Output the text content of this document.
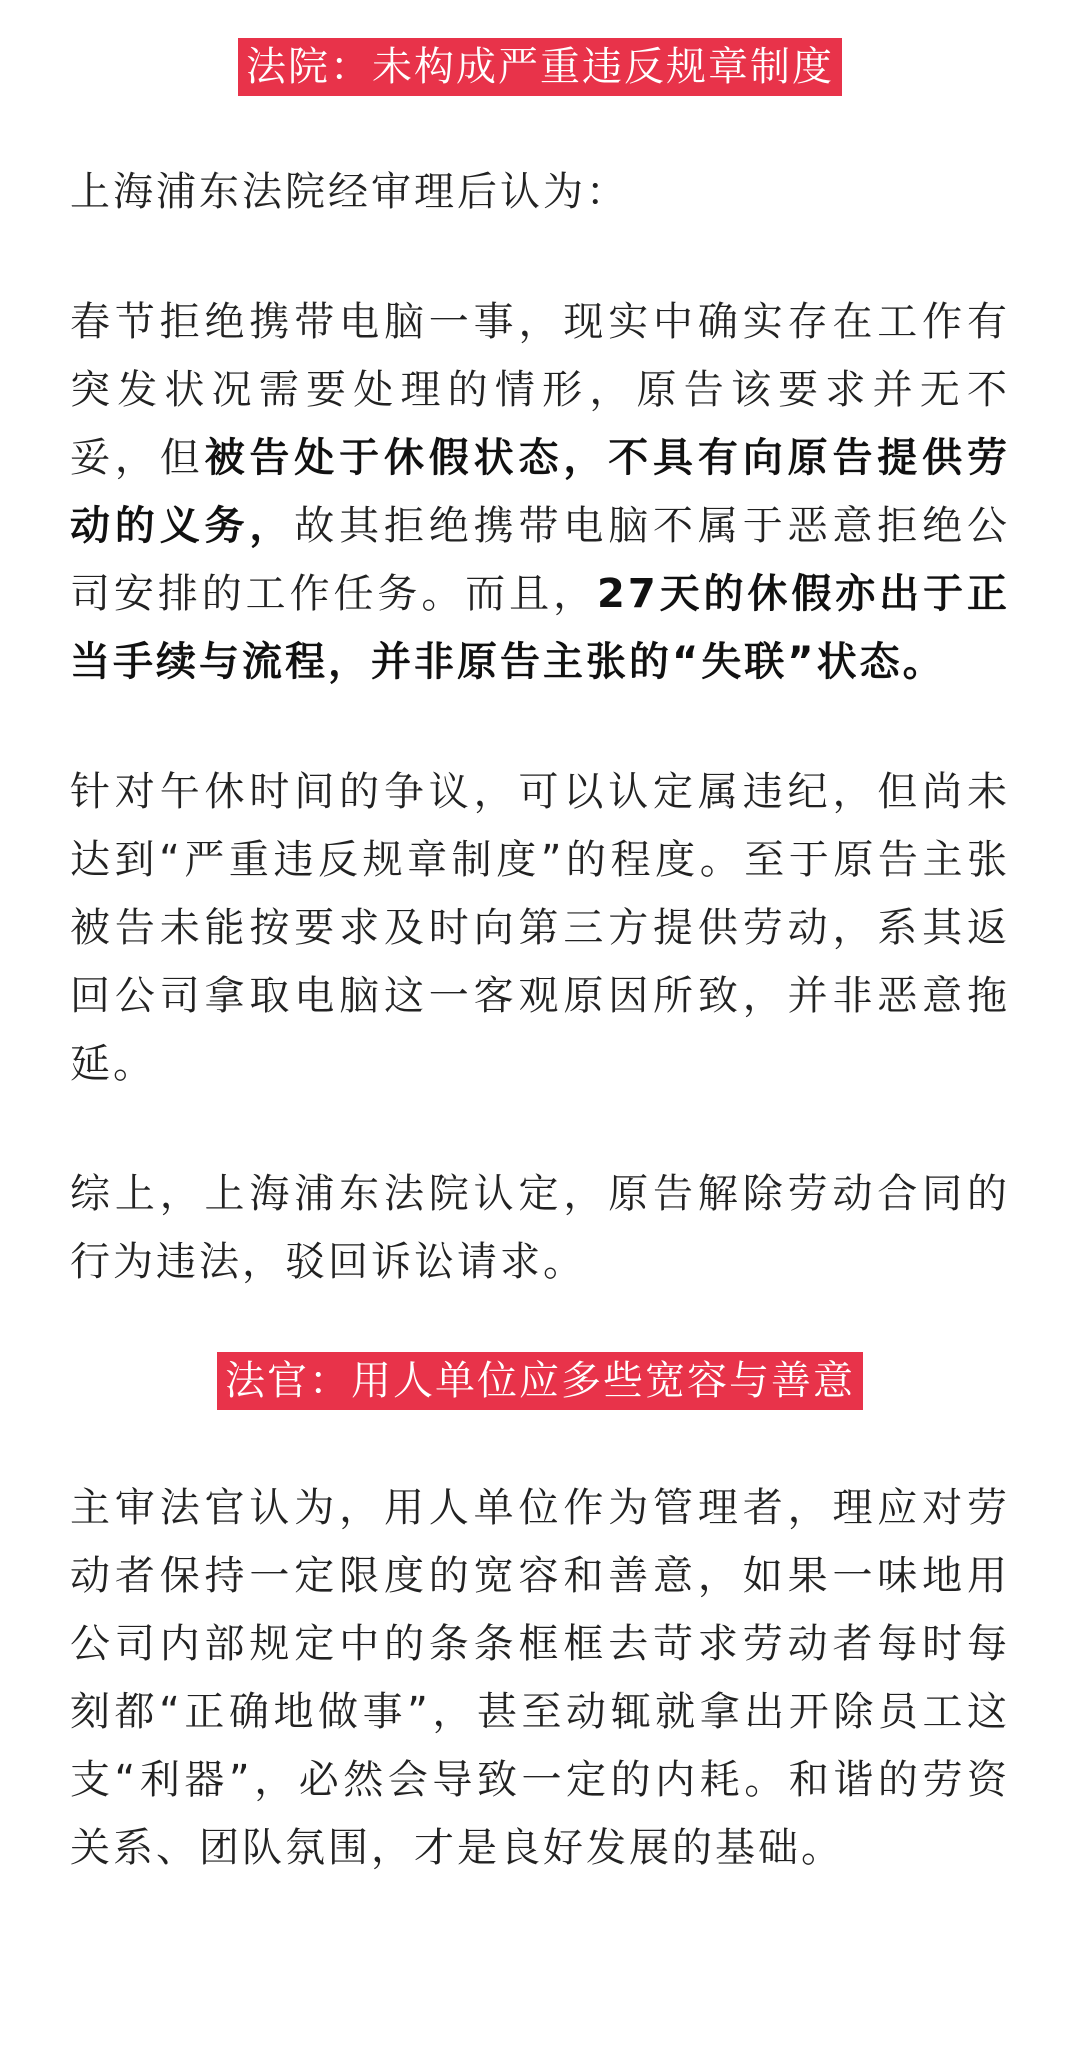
法院：未构成严重违反规章制度

上海浦东法院经审理后认为：

春节拒绝携带电脑一事，现实中确实存在工作有突发状况需要处理的情形，原告该要求并无不妥，但被告处于休假状态，不具有向原告提供劳动的义务，故其拒绝携带电脑不属于恶意拒绝公司安排的工作任务。而且，27天的休假亦出于正当手续与流程，并非原告主张的“失联”状态。

针对午休时间的争议，可以认定属违纪，但尚未达到“严重违反规章制度”的程度。至于原告主张被告未能按要求及时向第三方提供劳动，系其返回公司拿取电脑这一客观原因所致，并非恶意拖延。

综上，上海浦东法院认定，原告解除劳动合同的行为违法，驳回诉讼请求。

法官：用人单位应多些宽容与善意

主审法官认为，用人单位作为管理者，理应对劳动者保持一定限度的宽容和善意，如果一味地用公司内部规定中的条条框框去苛求劳动者每时每刻都“正确地做事”，甚至动辄就拿出开除员工这支“利器”，必然会导致一定的内耗。和谐的劳资关系、团队氛围，才是良好发展的基础。
